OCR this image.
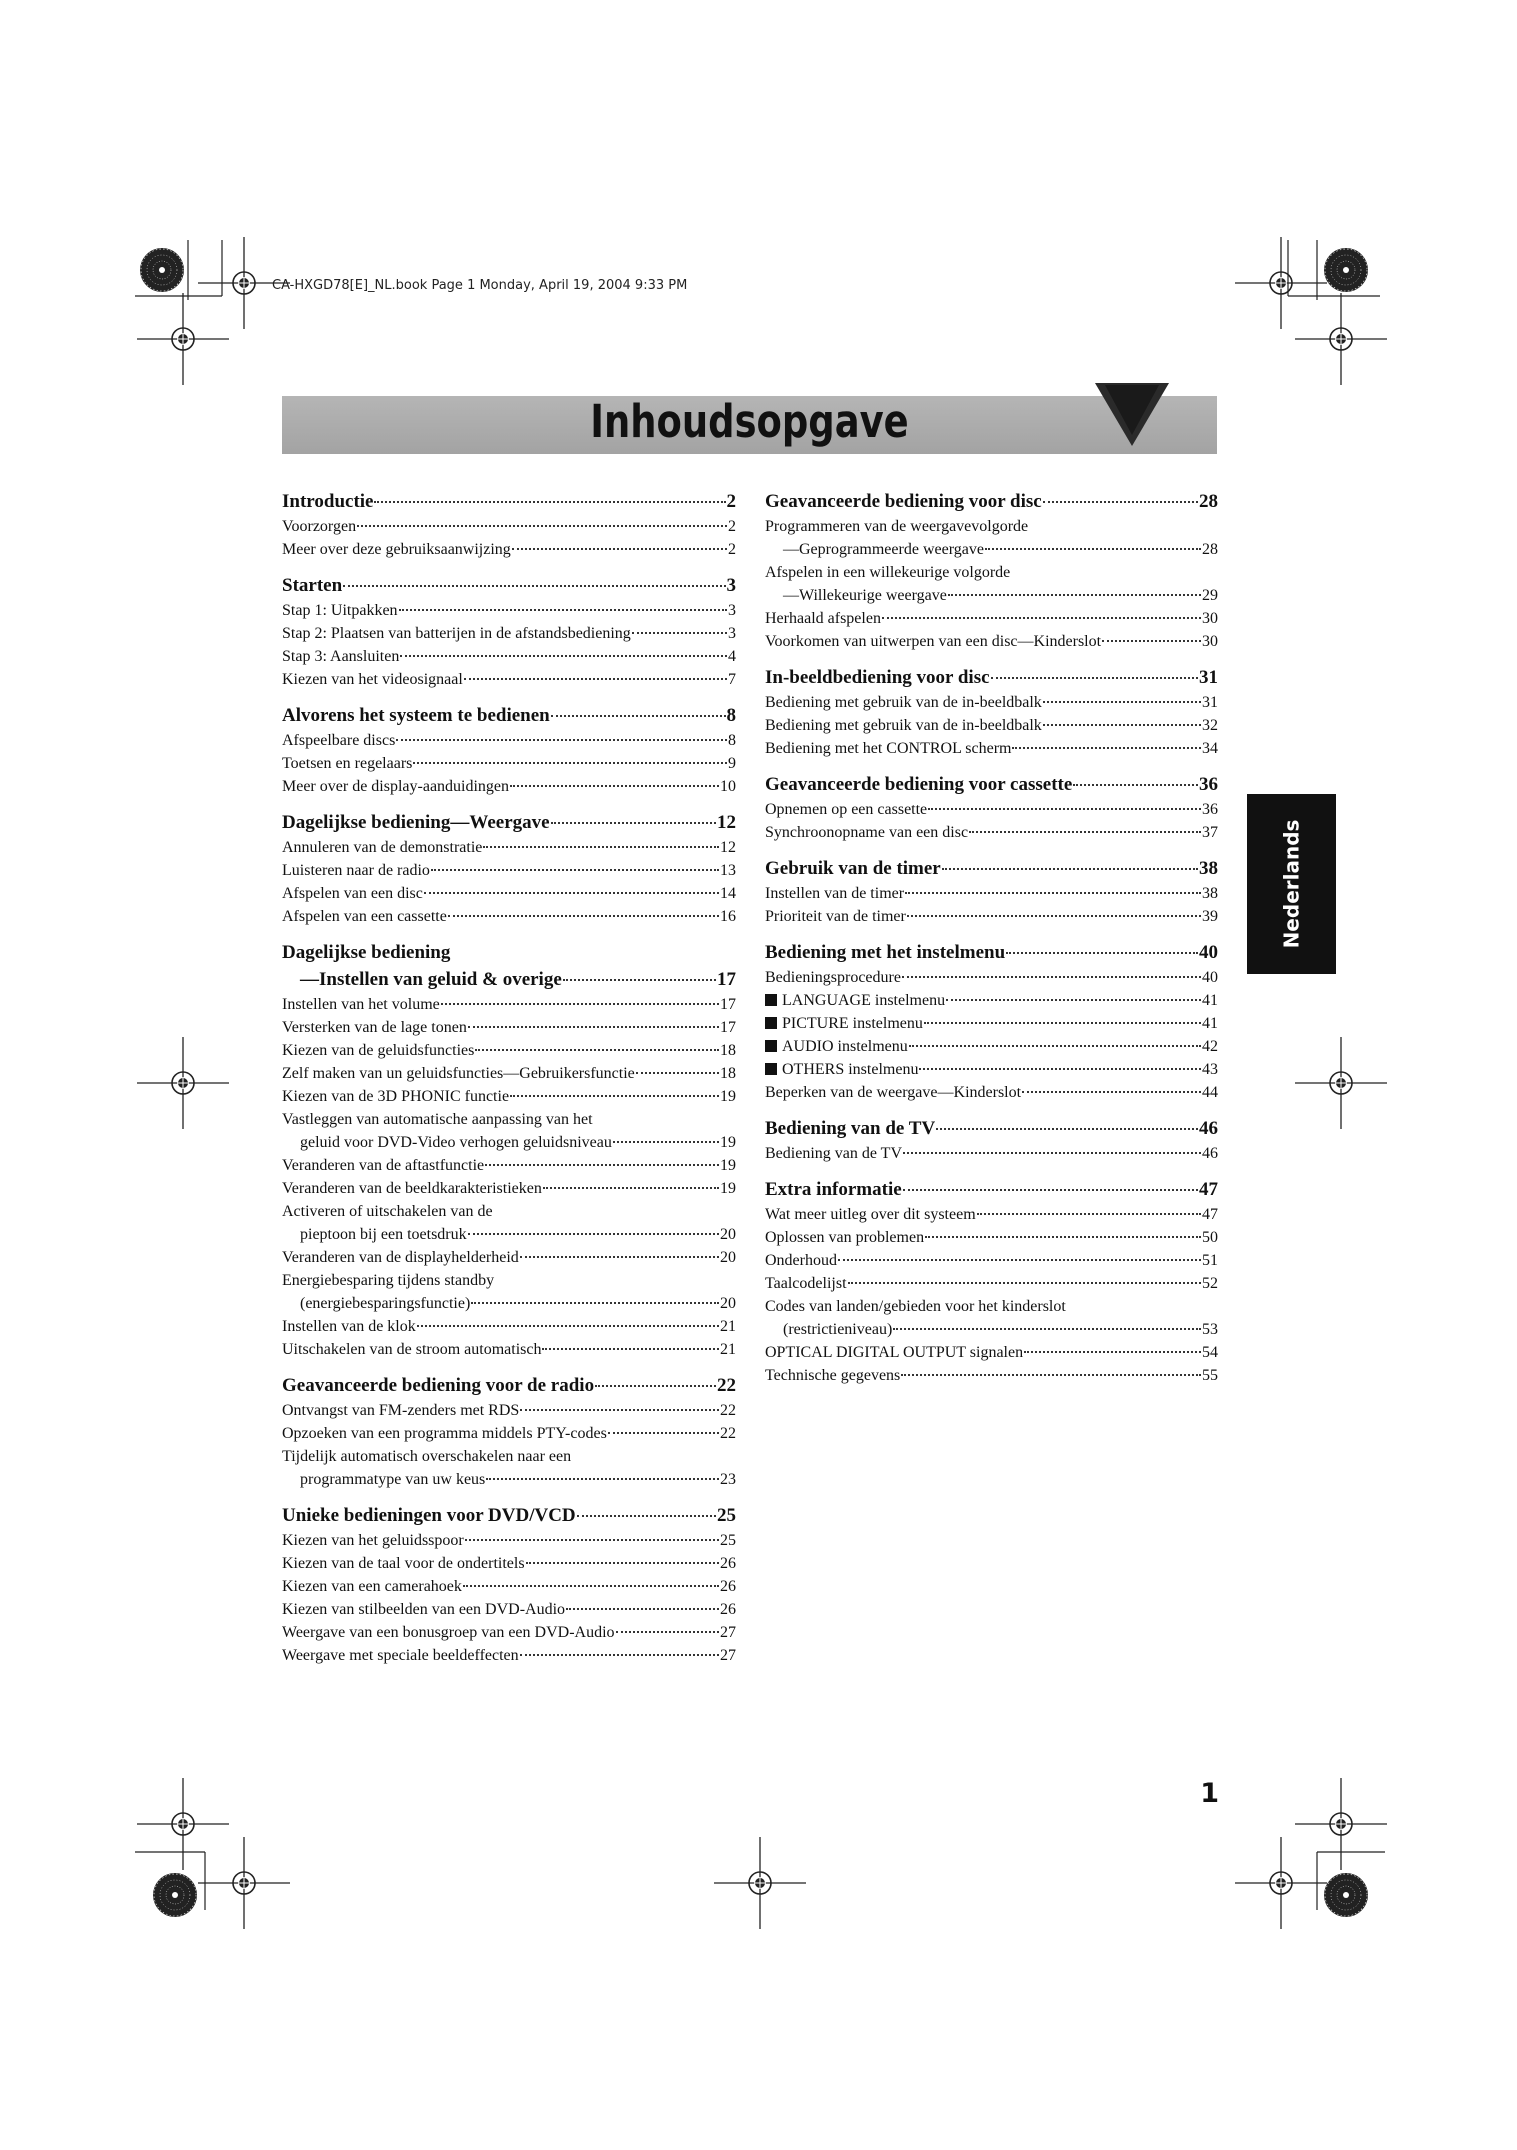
CA-HXGD78[E]_NL.book Page 1 Monday, April 19, 2004 9:33 PM
Inhoudsopgave
Introductie	2
Voorzorgen	2
Meer over deze gebruiksaanwijzing	2
Starten	3
Stap 1: Uitpakken	3
Stap 2: Plaatsen van batterijen in de afstandsbediening	3
Stap 3: Aansluiten	4
Kiezen van het videosignaal	7
Alvorens het systeem te bedienen	8
Afspeelbare discs	8
Toetsen en regelaars	9
Meer over de display-aanduidingen	10
Dagelijkse bediening—Weergave	12
Annuleren van de demonstratie	12
Luisteren naar de radio	13
Afspelen van een disc	14
Afspelen van een cassette	16
Dagelijkse bediening
—Instellen van geluid & overige	17
Instellen van het volume	17
Versterken van de lage tonen	17
Kiezen van de geluidsfuncties	18
Zelf maken van un geluidsfuncties—Gebruikersfunctie	18
Kiezen van de 3D PHONIC functie	19
Vastleggen van automatische aanpassing van het
geluid voor DVD-Video verhogen geluidsniveau	19
Veranderen van de aftastfunctie	19
Veranderen van de beeldkarakteristieken	19
Activeren of uitschakelen van de
pieptoon bij een toetsdruk	20
Veranderen van de displayhelderheid	20
Energiebesparing tijdens standby
(energiebesparingsfunctie)	20
Instellen van de klok	21
Uitschakelen van de stroom automatisch	21
Geavanceerde bediening voor de radio	22
Ontvangst van FM-zenders met RDS	22
Opzoeken van een programma middels PTY-codes	22
Tijdelijk automatisch overschakelen naar een
programmatype van uw keus	23
Unieke bedieningen voor DVD/VCD	25
Kiezen van het geluidsspoor	25
Kiezen van de taal voor de ondertitels	26
Kiezen van een camerahoek	26
Kiezen van stilbeelden van een DVD-Audio	26
Weergave van een bonusgroep van een DVD-Audio	27
Weergave met speciale beeldeffecten	27
Geavanceerde bediening voor disc	28
Programmeren van de weergavevolgorde
—Geprogrammeerde weergave	28
Afspelen in een willekeurige volgorde
—Willekeurige weergave	29
Herhaald afspelen	30
Voorkomen van uitwerpen van een disc—Kinderslot	30
In-beeldbediening voor disc	31
Bediening met gebruik van de in-beeldbalk	31
Bediening met gebruik van de in-beeldbalk	32
Bediening met het CONTROL scherm	34
Geavanceerde bediening voor cassette	36
Opnemen op een cassette	36
Synchroonopname van een disc	37
Gebruik van de timer	38
Instellen van de timer	38
Prioriteit van de timer	39
Bediening met het instelmenu	40
Bedieningsprocedure	40
LANGUAGE instelmenu	41
PICTURE instelmenu	41
AUDIO instelmenu	42
OTHERS instelmenu	43
Beperken van de weergave—Kinderslot	44
Bediening van de TV	46
Bediening van de TV	46
Extra informatie	47
Wat meer uitleg over dit systeem	47
Oplossen van problemen	50
Onderhoud	51
Taalcodelijst	52
Codes van landen/gebieden voor het kinderslot
(restrictieniveau)	53
OPTICAL DIGITAL OUTPUT signalen	54
Technische gegevens	55
Nederlands
1
